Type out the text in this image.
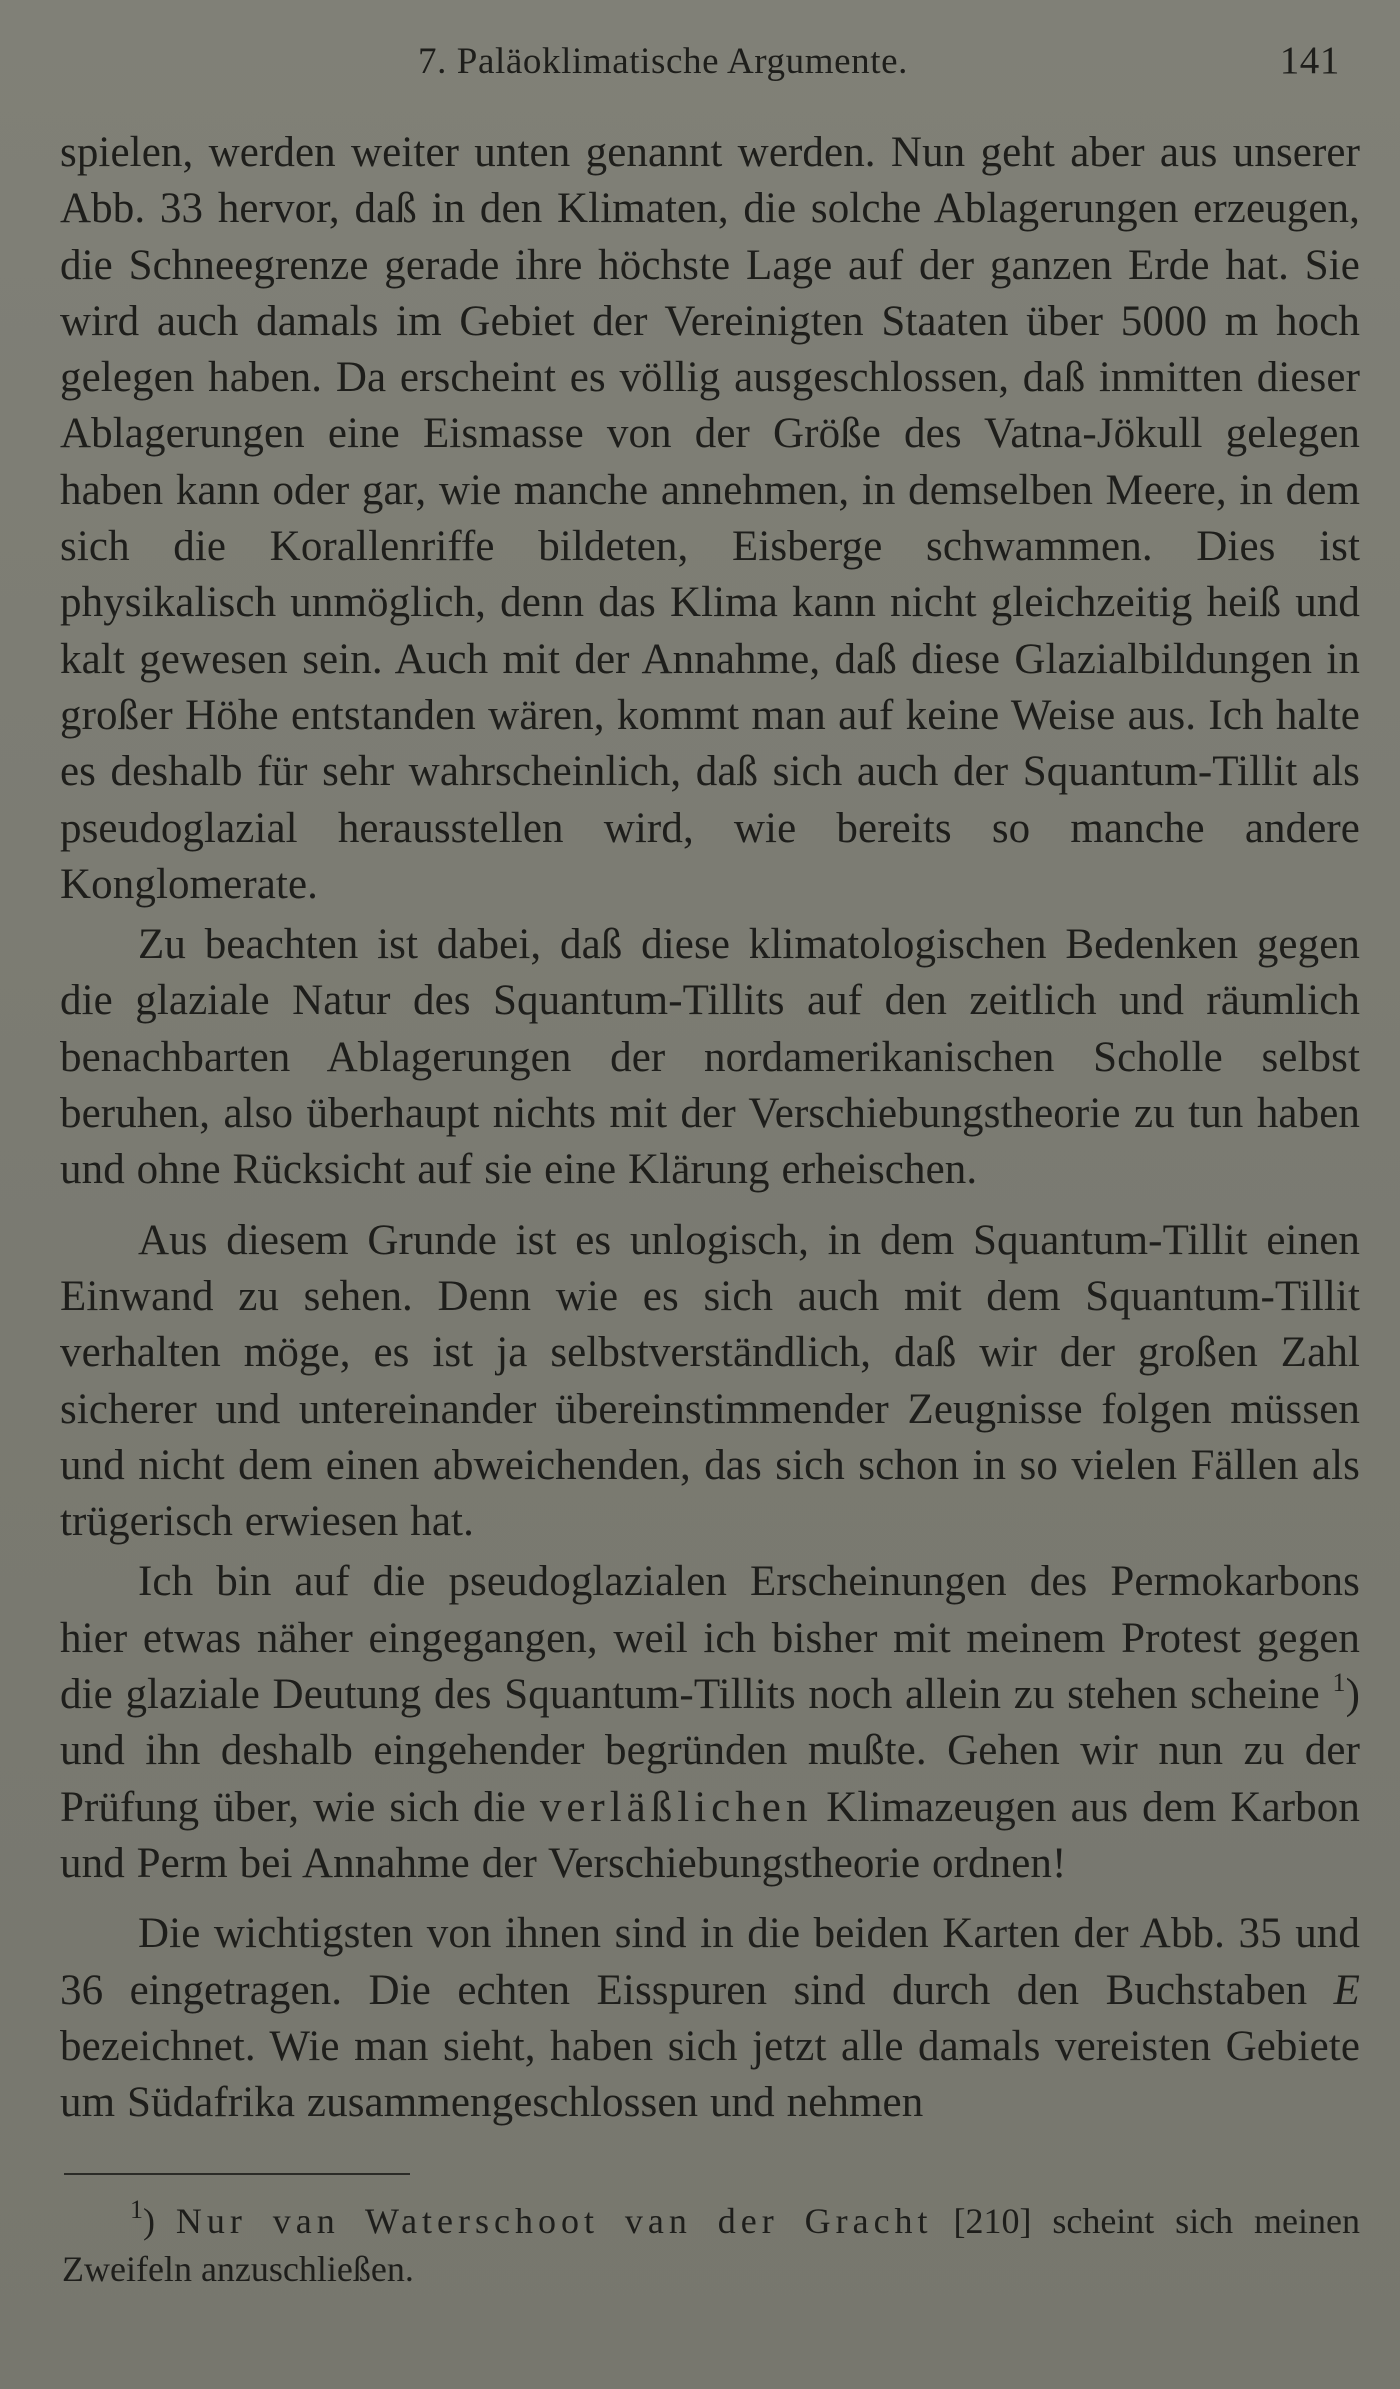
7. Paläoklimatische Argumente.	141

spielen, werden weiter unten genannt werden. Nun geht aber aus unserer Abb. 33 hervor, daß in den Klimaten, die solche Ablagerungen erzeugen, die Schneegrenze gerade ihre höchste Lage auf der ganzen Erde hat. Sie wird auch damals im Gebiet der Vereinigten Staaten über 5000 m hoch gelegen haben. Da erscheint es völlig ausgeschlossen, daß inmitten dieser Ablagerungen eine Eismasse von der Größe des Vatna-Jökull gelegen haben kann oder gar, wie manche annehmen, in demselben Meere, in dem sich die Korallenriffe bildeten, Eisberge schwammen. Dies ist physikalisch unmöglich, denn das Klima kann nicht gleichzeitig heiß und kalt gewesen sein. Auch mit der Annahme, daß diese Glazialbildungen in großer Höhe entstanden wären, kommt man auf keine Weise aus. Ich halte es deshalb für sehr wahrscheinlich, daß sich auch der Squantum-Tillit als pseudoglazial herausstellen wird, wie bereits so manche andere Konglomerate.

Zu beachten ist dabei, daß diese klimatologischen Bedenken gegen die glaziale Natur des Squantum-Tillits auf den zeitlich und räumlich benachbarten Ablagerungen der nordamerikanischen Scholle selbst beruhen, also überhaupt nichts mit der Verschiebungstheorie zu tun haben und ohne Rücksicht auf sie eine Klärung erheischen.

Aus diesem Grunde ist es unlogisch, in dem Squantum-Tillit einen Einwand zu sehen. Denn wie es sich auch mit dem Squantum-Tillit verhalten möge, es ist ja selbstverständlich, daß wir der großen Zahl sicherer und untereinander übereinstimmender Zeugnisse folgen müssen und nicht dem einen abweichenden, das sich schon in so vielen Fällen als trügerisch erwiesen hat.

Ich bin auf die pseudoglazialen Erscheinungen des Permokarbons hier etwas näher eingegangen, weil ich bisher mit meinem Protest gegen die glaziale Deutung des Squantum-Tillits noch allein zu stehen scheine $^1$) und ihn deshalb eingehender begründen mußte. Gehen wir nun zu der Prüfung über, wie sich die verläßlichen Klimazeugen aus dem Karbon und Perm bei Annahme der Verschiebungstheorie ordnen!

Die wichtigsten von ihnen sind in die beiden Karten der Abb. 35 und 36 eingetragen. Die echten Eisspuren sind durch den Buchstaben E bezeichnet. Wie man sieht, haben sich jetzt alle damals vereisten Gebiete um Südafrika zusammengeschlossen und nehmen

$^1$) Nur van Waterschoot van der Gracht [210] scheint sich meinen Zweifeln anzuschließen.
